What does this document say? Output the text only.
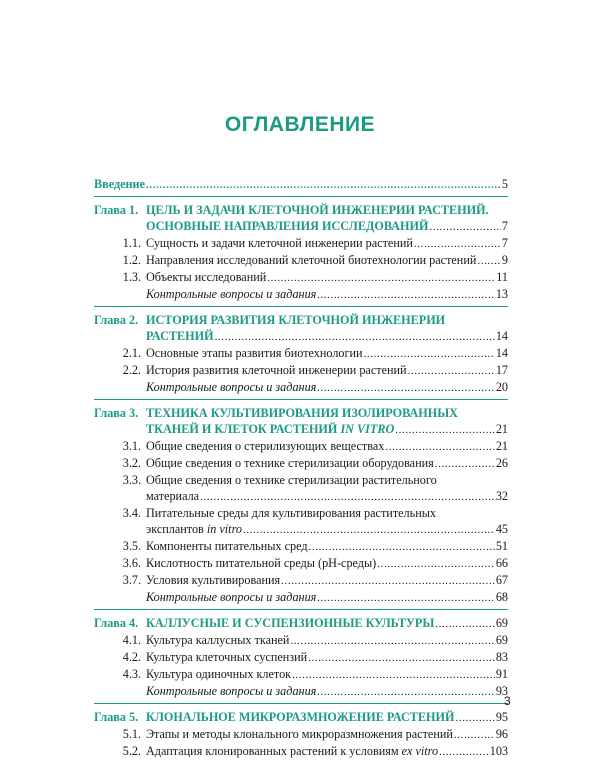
ОГЛАВЛЕНИЕ
Введение .....	5
Глава 1. ЦЕЛЬ И ЗАДАЧИ КЛЕТОЧНОЙ ИНЖЕНЕРИИ РАСТЕНИЙ.
ОСНОВНЫЕ НАПРАВЛЕНИЯ ИССЛЕДОВАНИЙ .....	7
1.1. Сущность и задачи клеточной инженерии растений .....	7
1.2. Направления исследований клеточной биотехнологии растений ..... 9
1.3. Объекты исследований .....	11
Контрольные вопросы и задания .....	13
Глава 2. ИСТОРИЯ РАЗВИТИЯ КЛЕТОЧНОЙ ИНЖЕНЕРИИ
РАСТЕНИЙ .....	14
2.1. Основные этапы развития биотехнологии .....	14
2.2. История развития клеточной инженерии растений .....	17
Контрольные вопросы и задания .....	20
Глава 3. ТЕХНИКА КУЛЬТИВИРОВАНИЯ ИЗОЛИРОВАННЫХ
ТКАНЕЙ И КЛЕТОК РАСТЕНИЙ IN VITRO .....	21
3.1. Общие сведения о стерилизующих веществах .....	21
3.2. Общие сведения о технике стерилизации оборудования .....	26
3.3. Общие сведения о технике стерилизации растительного
материала .....	32
3.4. Питательные среды для культивирования растительных
эксплантов in vitro .....	45
3.5. Компоненты питательных сред .....	51
3.6. Кислотность питательной среды (pH-среды) .....	66
3.7. Условия культивирования .....	67
Контрольные вопросы и задания .....	68
Глава 4. КАЛЛУСНЫЕ И СУСПЕНЗИОННЫЕ КУЛЬТУРЫ .....	69
4.1. Культура каллусных тканей .....	69
4.2. Культура клеточных суспензий .....	83
4.3. Культура одиночных клеток .....	91
Контрольные вопросы и задания .....	93
Глава 5. КЛОНАЛЬНОЕ МИКРОРАЗМНОЖЕНИЕ РАСТЕНИЙ .....	95
5.1. Этапы и методы клонального микроразмножения растений .....	96
5.2. Адаптация клонированных растений к условиям ex vitro .....	103
3
